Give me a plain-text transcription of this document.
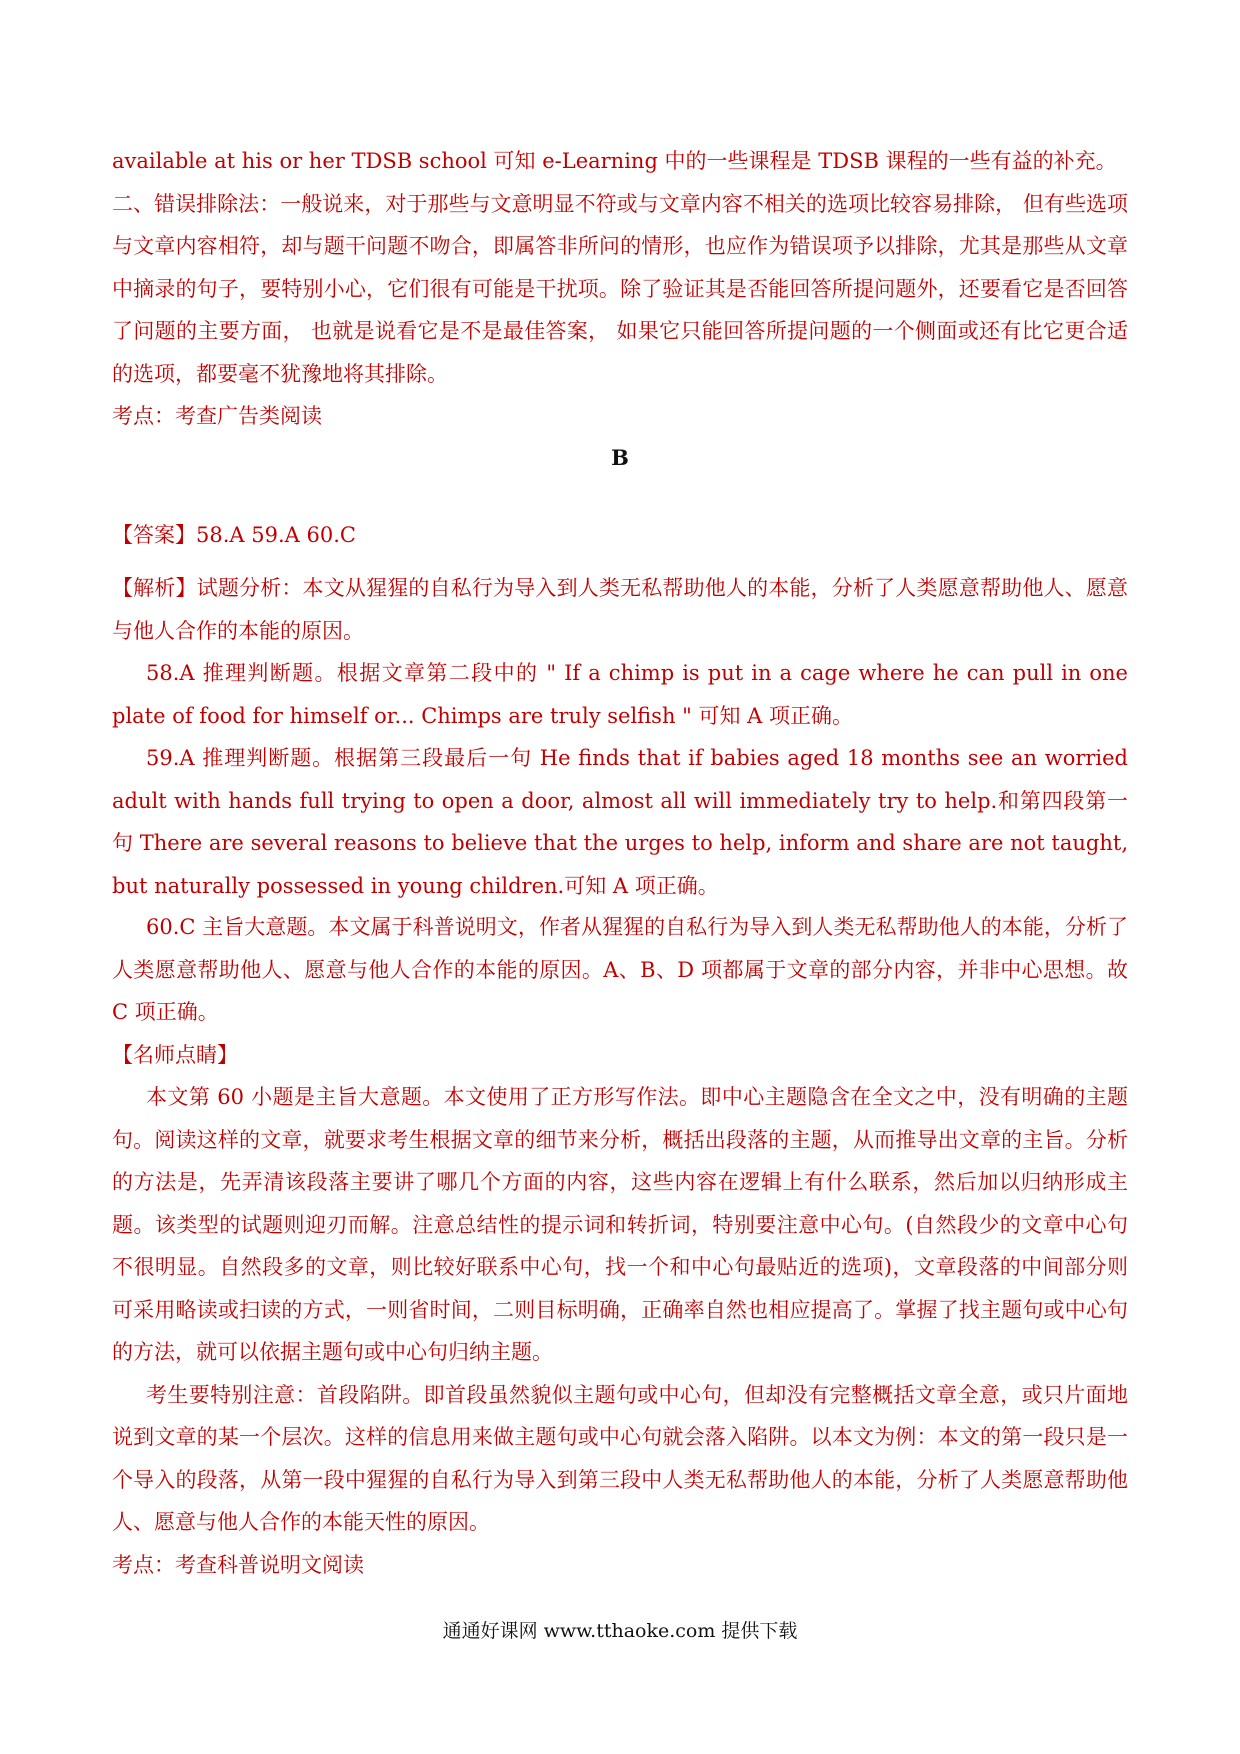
available at his or her TDSB school 可知 e-Learning 中的一些课程是 TDSB 课程的一些有益的补充。

二、错误排除法：一般说来，对于那些与文意明显不符或与文章内容不相关的选项比较容易排除， 但有些选项与文章内容相符，却与题干问题不吻合，即属答非所问的情形，也应作为错误项予以排除，尤其是那些从文章中摘录的句子，要特别小心，它们很有可能是干扰项。除了验证其是否能回答所提问题外，还要看它是否回答了问题的主要方面， 也就是说看它是不是最佳答案， 如果它只能回答所提问题的一个侧面或还有比它更合适的选项，都要毫不犹豫地将其排除。

考点：考查广告类阅读

B

【答案】58.A 59.A 60.C

【解析】试题分析：本文从猩猩的自私行为导入到人类无私帮助他人的本能，分析了人类愿意帮助他人、愿意与他人合作的本能的原因。

58.A 推理判断题。根据文章第二段中的 " If a chimp is put in a cage where he can pull in one plate of food for himself or... Chimps are truly selfish " 可知 A 项正确。

59.A 推理判断题。根据第三段最后一句 He finds that if babies aged 18 months see an worried adult with hands full trying to open a door, almost all will immediately try to help.和第四段第一句 There are several reasons to believe that the urges to help, inform and share are not taught, but naturally possessed in young children.可知 A 项正确。

60.C 主旨大意题。本文属于科普说明文，作者从猩猩的自私行为导入到人类无私帮助他人的本能，分析了人类愿意帮助他人、愿意与他人合作的本能的原因。A、B、D 项都属于文章的部分内容，并非中心思想。故 C 项正确。

【名师点睛】

本文第 60 小题是主旨大意题。本文使用了正方形写作法。即中心主题隐含在全文之中，没有明确的主题句。阅读这样的文章，就要求考生根据文章的细节来分析，概括出段落的主题，从而推导出文章的主旨。分析的方法是，先弄清该段落主要讲了哪几个方面的内容，这些内容在逻辑上有什么联系，然后加以归纳形成主题。该类型的试题则迎刃而解。注意总结性的提示词和转折词，特别要注意中心句。(自然段少的文章中心句不很明显。自然段多的文章，则比较好联系中心句，找一个和中心句最贴近的选项)，文章段落的中间部分则可采用略读或扫读的方式，一则省时间，二则目标明确，正确率自然也相应提高了。掌握了找主题句或中心句的方法，就可以依据主题句或中心句归纳主题。

考生要特别注意：首段陷阱。即首段虽然貌似主题句或中心句，但却没有完整概括文章全意，或只片面地说到文章的某一个层次。这样的信息用来做主题句或中心句就会落入陷阱。以本文为例：本文的第一段只是一个导入的段落，从第一段中猩猩的自私行为导入到第三段中人类无私帮助他人的本能，分析了人类愿意帮助他人、愿意与他人合作的本能天性的原因。

考点：考查科普说明文阅读

通通好课网 www.tthaoke.com 提供下载
